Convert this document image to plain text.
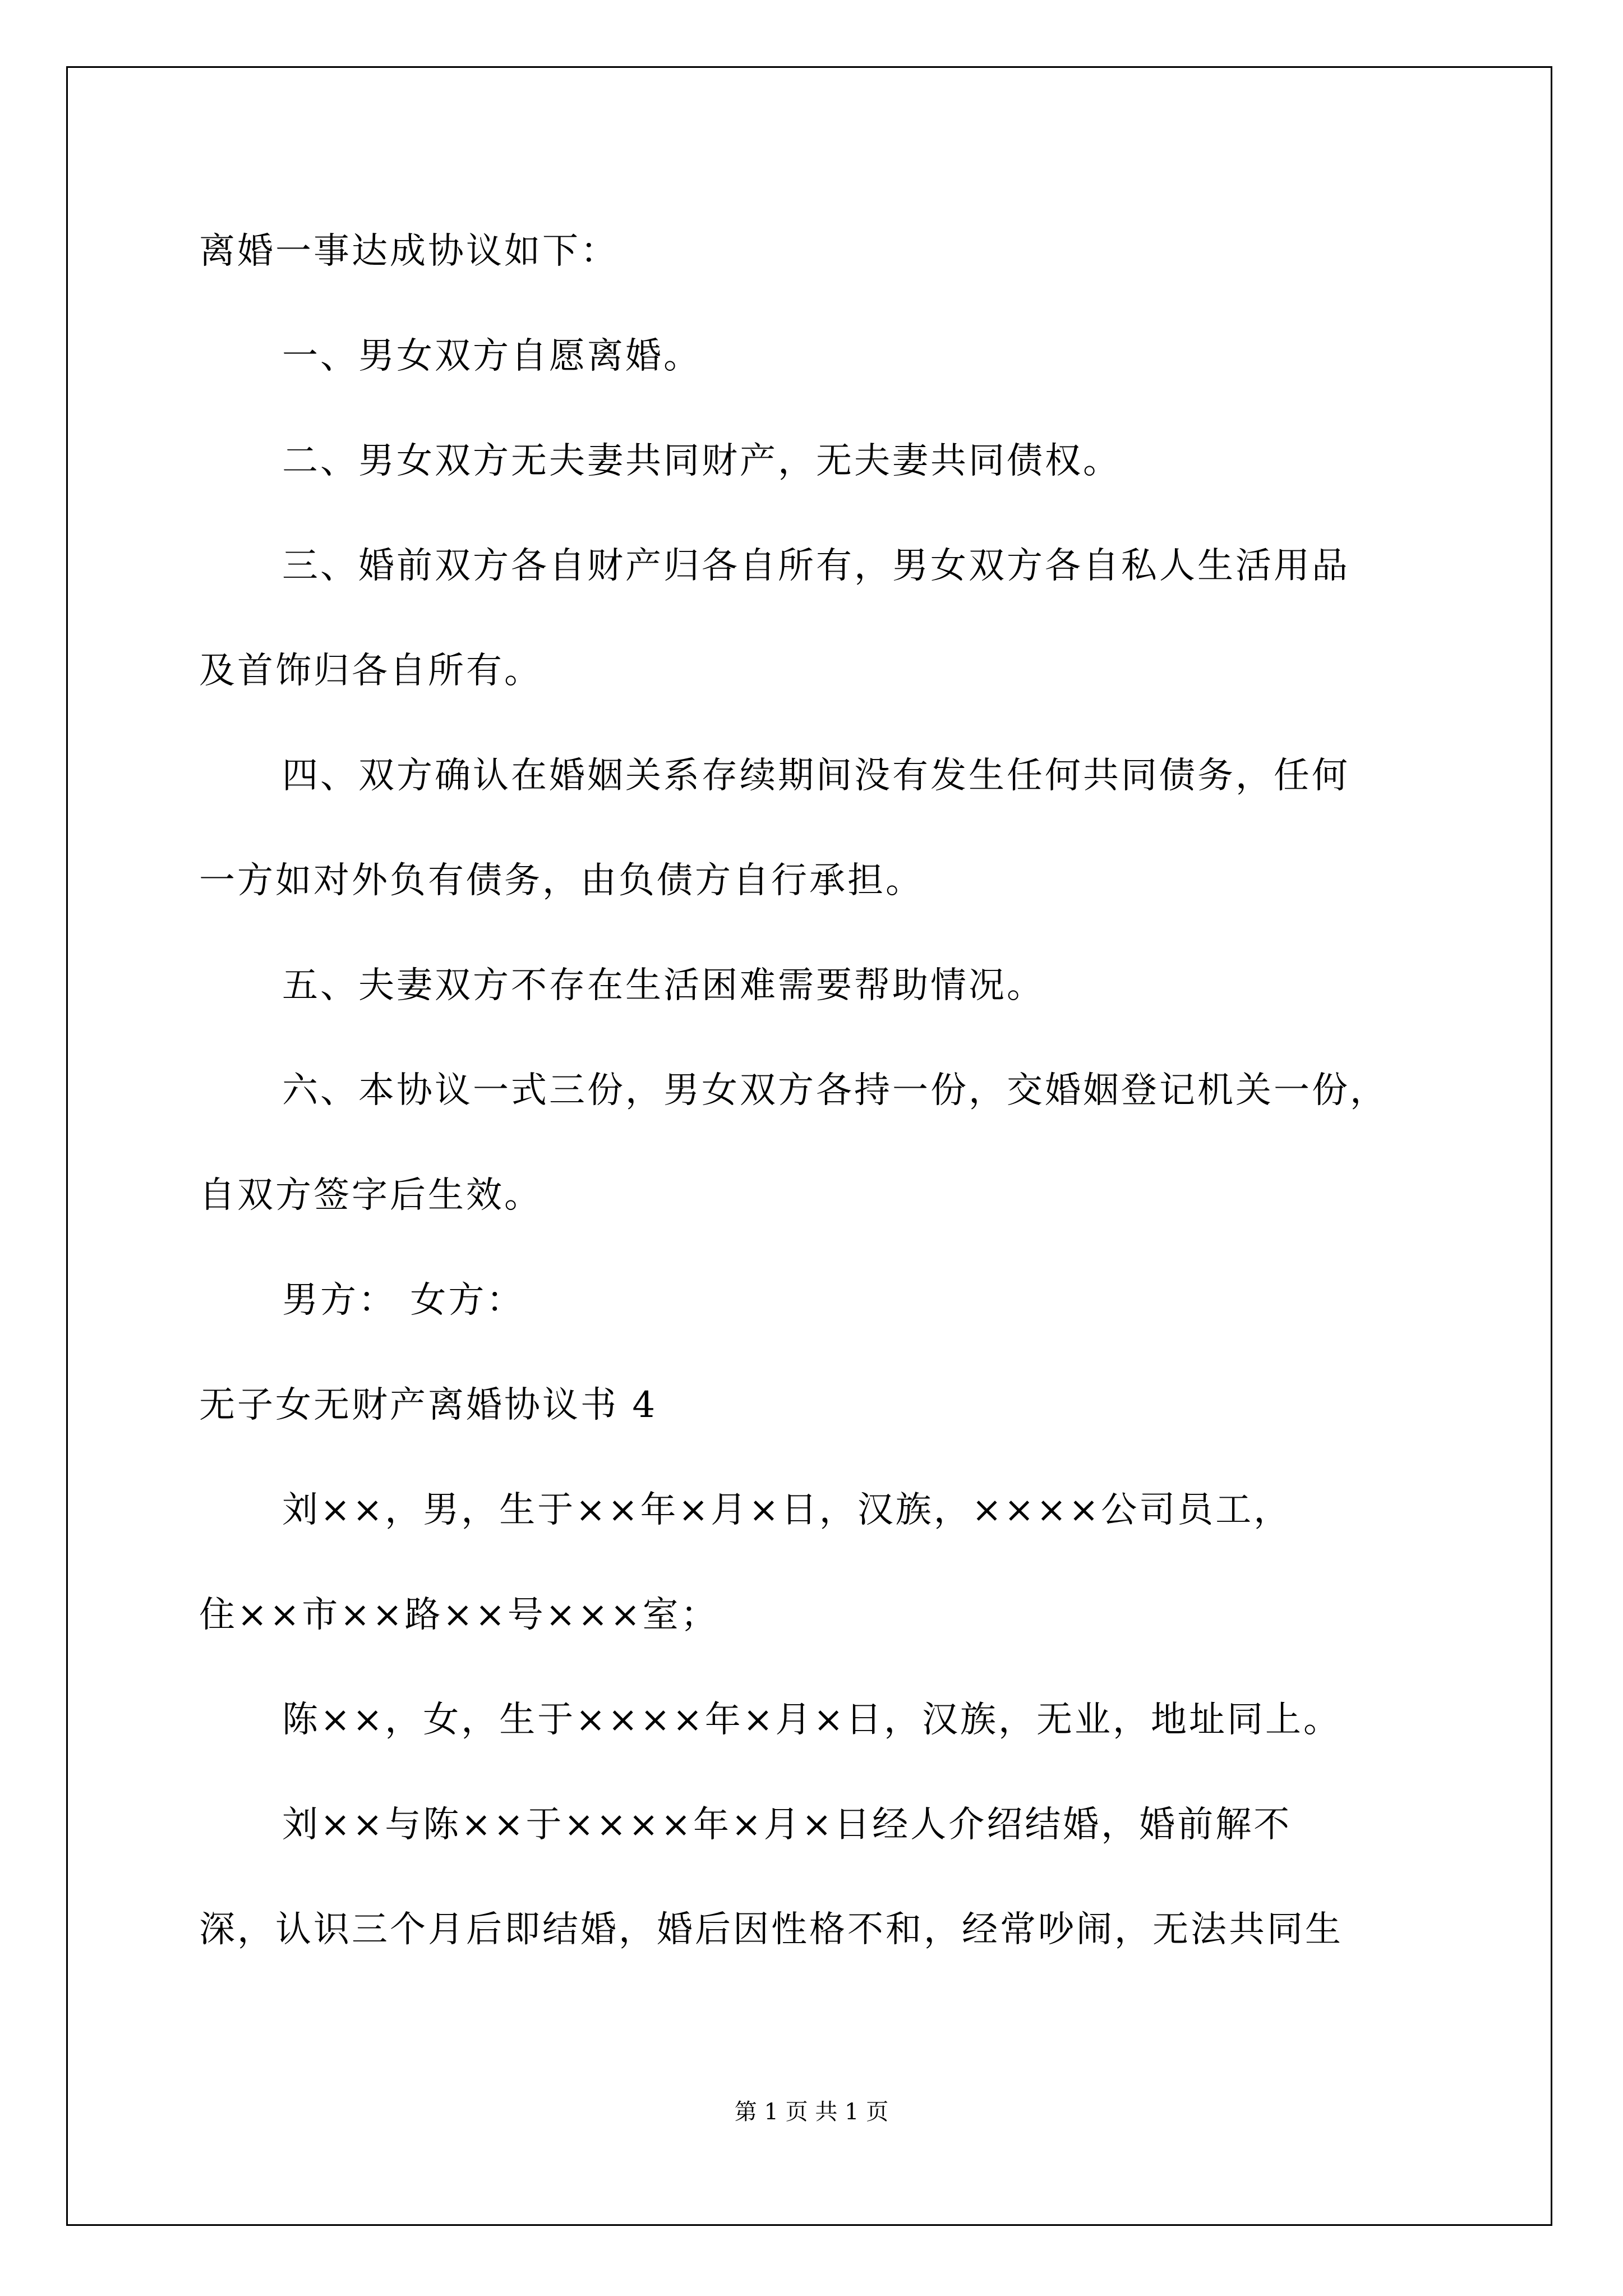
离婚一事达成协议如下：

一、男女双方自愿离婚。

二、男女双方无夫妻共同财产，无夫妻共同债权。

三、婚前双方各自财产归各自所有，男女双方各自私人生活用品

及首饰归各自所有。

四、双方确认在婚姻关系存续期间没有发生任何共同债务，任何

一方如对外负有债务，由负债方自行承担。

五、夫妻双方不存在生活困难需要帮助情况。

六、本协议一式三份，男女双方各持一份，交婚姻登记机关一份，

自双方签字后生效。

男方： 女方：

无子女无财产离婚协议书 4

刘××，男，生于××年×月×日，汉族，××××公司员工，

住××市××路××号×××室；

陈××，女，生于××××年×月×日，汉族，无业，地址同上。

刘××与陈××于××××年×月×日经人介绍结婚，婚前解不

深，认识三个月后即结婚，婚后因性格不和，经常吵闹，无法共同生

第 1 页 共 1 页
